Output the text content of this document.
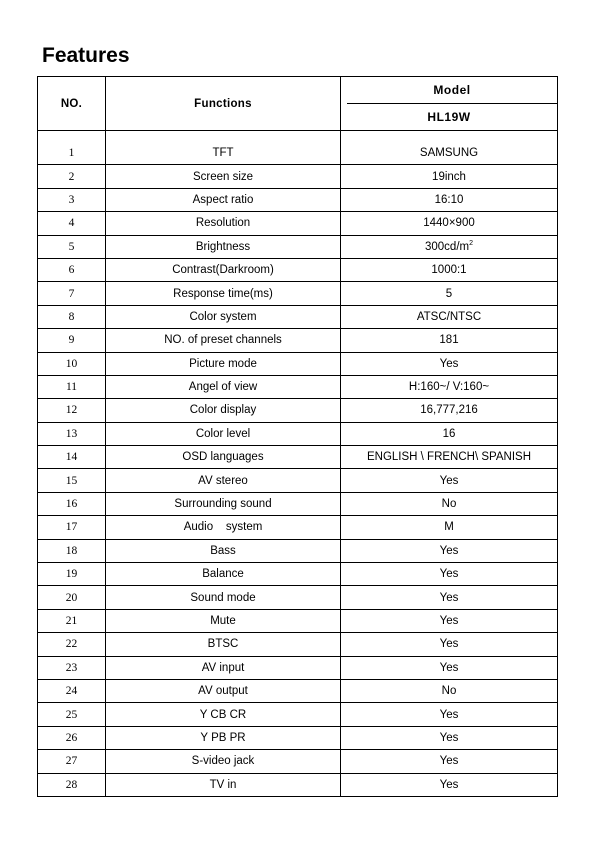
Features
NO.	Functions	Model
HL19W

1	TFT	SAMSUNG
2	Screen size	19inch
3	Aspect ratio	16:10
4	Resolution	1440×900
5	Brightness	$300cd/m^2$
6	Contrast(Darkroom)	1000:1
7	Response time(ms)	5
8	Color system	ATSC/NTSC
9	NO. of preset channels	181
10	Picture mode	Yes
11	Angel of view	H:160~/ V:160~
12	Color display	16,777,216
13	Color level	16
14	OSD languages	ENGLISH \ FRENCH\ SPANISH
15	AV stereo	Yes
16	Surrounding sound	No
17	Audio    system	M
18	Bass	Yes
19	Balance	Yes
20	Sound mode	Yes
21	Mute	Yes
22	BTSC	Yes
23	AV input	Yes
24	AV output	No
25	Y CB CR	Yes
26	Y PB PR	Yes
27	S-video jack	Yes
28	TV in	Yes
